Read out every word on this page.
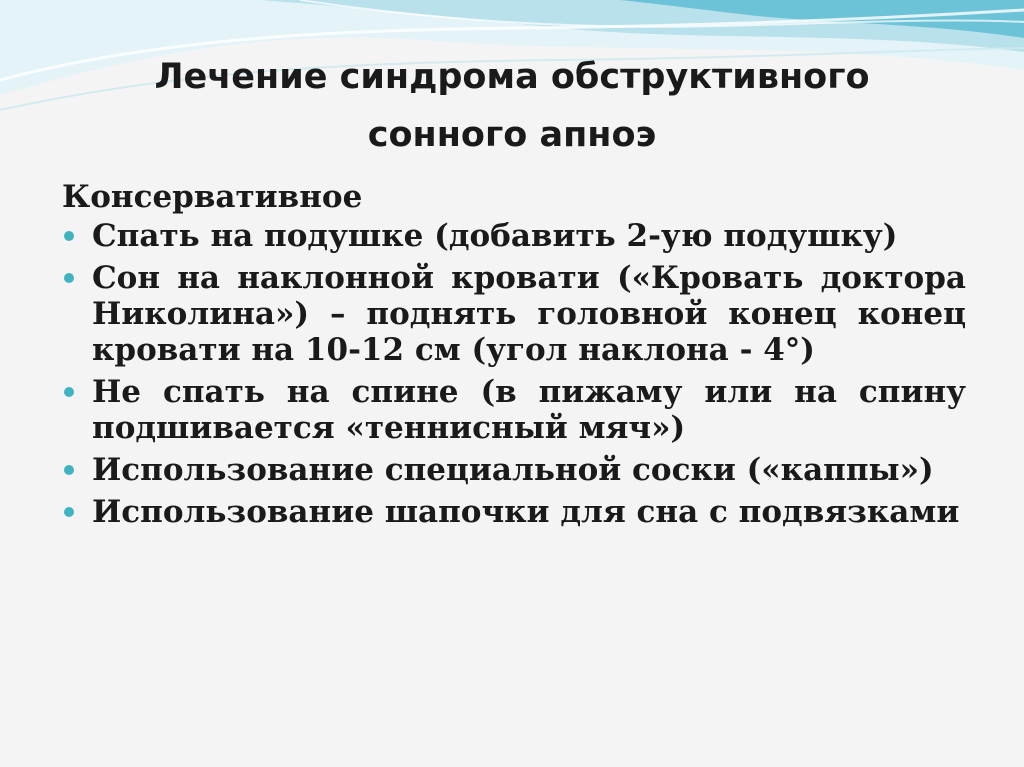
Лечение синдрома обструктивного
сонного апноэ

Консервативное

Спать на подушке (добавить 2-ую подушку)
Сон на наклонной кровати («Кровать доктора Николина») – поднять головной конец конец кровати на 10-12 см (угол наклона - 4°)
Не спать на спине (в пижаму или на спину подшивается «теннисный мяч»)
Использование специальной соски («каппы»)
Использование шапочки для сна с подвязками
